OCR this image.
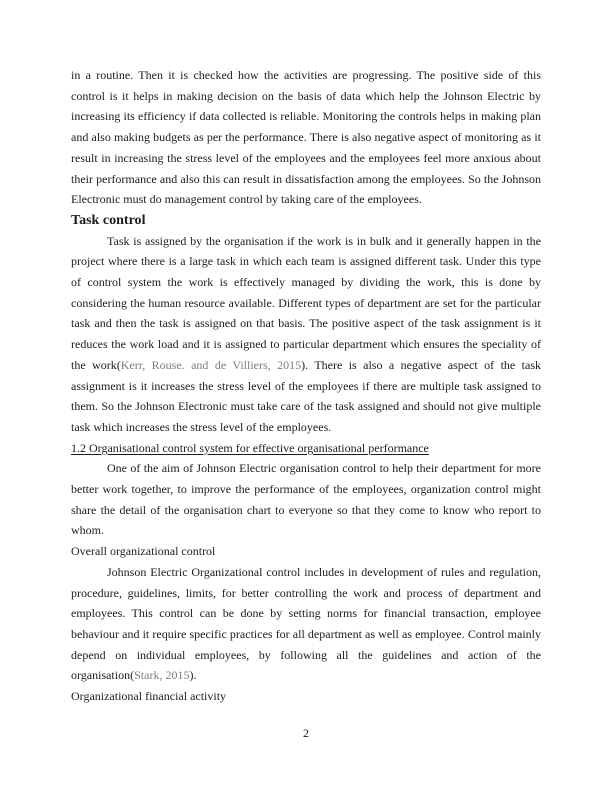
in a routine. Then it is checked how the activities are progressing. The positive side of this control is it helps in making decision on the basis of data which help the Johnson Electric by increasing its efficiency if data collected is reliable. Monitoring the controls helps in making plan and also making budgets as per the performance. There is also negative aspect of monitoring as it result in increasing the stress level of the employees and the employees feel more anxious about their performance and also this can result in dissatisfaction among the employees. So the Johnson Electronic must do management control by taking care of the employees.

Task control

Task is assigned by the organisation if the work is in bulk and it generally happen in the project where there is a large task in which each team is assigned different task. Under this type of control system the work is effectively managed by dividing the work, this is done by considering the human resource available. Different types of department are set for the particular task and then the task is assigned on that basis. The positive aspect of the task assignment is it reduces the work load and it is assigned to particular department which ensures the speciality of the work(Kerr, Rouse. and de Villiers, 2015). There is also a negative aspect of the task assignment is it increases the stress level of the employees if there are multiple task assigned to them. So the Johnson Electronic must take care of the task assigned and should not give multiple task which increases the stress level of the employees.

1.2 Organisational control system for effective organisational performance

One of the aim of Johnson Electric organisation control to help their department for more better work together, to improve the performance of the employees, organization control might share the detail of the organisation chart to everyone so that they come to know who report to whom.

Overall organizational control

Johnson Electric Organizational control includes in development of rules and regulation, procedure, guidelines, limits, for better controlling the work and process of department and employees. This control can be done by setting norms for financial transaction, employee behaviour and it require specific practices for all department as well as employee. Control mainly depend on individual employees, by following all the guidelines and action of the organisation(Stark, 2015).

Organizational financial activity
2
